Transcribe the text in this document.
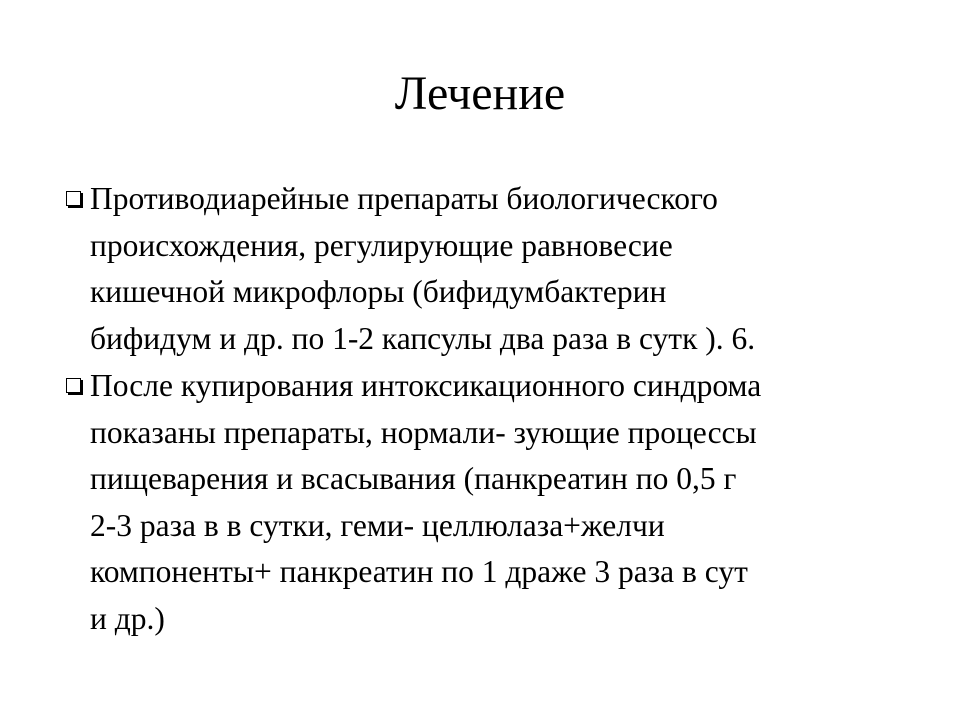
Лечение
Противодиарейные препараты биологического
происхождения, регулирующие равновесие
кишечной микрофлоры (бифидумбактерин
бифидум и др. по 1-2 капсулы два раза в сутк ). 6.
После купирования интоксикационного синдрома
показаны препараты, нормали- зующие процессы
пищеварения и всасывания (панкреатин по 0,5 г
2-3 раза в в сутки, геми- целлюлаза+желчи
компоненты+ панкреатин по 1 драже 3 раза в сут
и др.)
